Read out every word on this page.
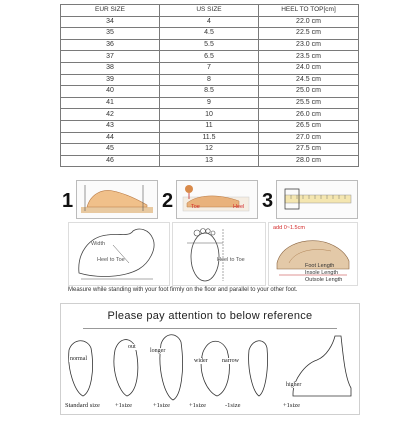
EUR SIZE	US SIZE	HEEL TO TOP[cm]
34	4	22.0 cm
35	4.5	22.5 cm
36	5.5	23.0 cm
37	6.5	23.5 cm
38	7	24.0 cm
39	8	24.5 cm
40	8.5	25.0 cm
41	9	25.5 cm
42	10	26.0 cm
43	11	26.5 cm
44	11.5	27.0 cm
45	12	27.5 cm
46	13	28.0 cm
1	2	Toe	Heel 3
Width
Heel to Toe	Heel to Toe
add 0~1.5cm
Foot Length
Insole Length
Outsole Length
Measure while standing with your foot firmly on the floor and parallel to your other foot.
Please pay attention to below reference
normal
out
longer
wider narrow
higher
Standard size +1size	+1size	+1size	-1size	+1size
